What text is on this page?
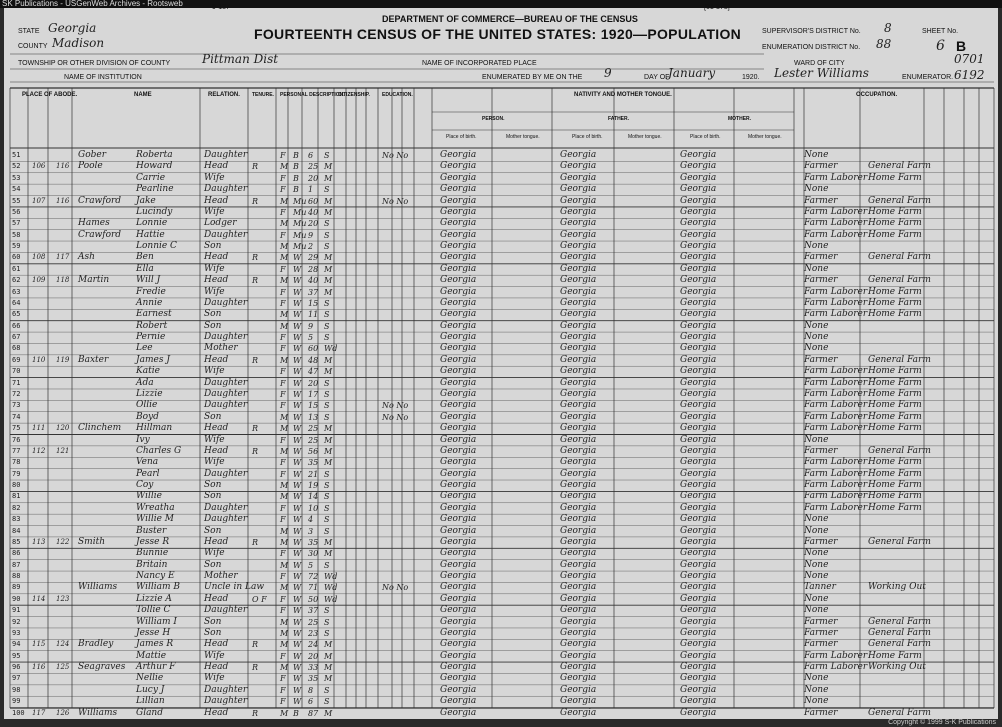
SK Publications - USGenWeb Archives - Rootsweb	9-137	[01-378]
DEPARTMENT OF COMMERCE—BUREAU OF THE CENSUS
FOURTEENTH CENSUS OF THE UNITED STATES: 1920—POPULATION
STATE Georgia
COUNTY Madison
TOWNSHIP OR OTHER DIVISION OF COUNTY	Pittman Dist	NAME OF INCORPORATED PLACE
NAME OF INSTITUTION	ENUMERATED BY ME ON THE 9	DAY OF
January	1920. Lester Williams	ENUMERATOR.
SUPERVISOR'S DISTRICT No. 8
ENUMERATION DISTRICT No. 88
SHEET No.
6 B
WARD OF CITY	0701
6192
PLACE OF ABODE.	NAME	RELATION. TENURE. PERSONAL DESCRIPTION.
CITIZENSHIP. EDUCATION.	NATIVITY AND MOTHER TONGUE.
PERSON.	FATHER.	MOTHER.
Place of birth.	Mother tongue.	Place of birth.	Mother tongue.	Place of birth.	Mother tongue.
OCCUPATION.
51	Gober	Roberta	Daughter	F B 6 S	No No	Georgia	Georgia	Georgia	None
52 106 116 Poole	Howard	Head	R	M B 25 M	Georgia	Georgia	Georgia	Farmer	General Farm
53	Carrie	Wife	F B 20 M	Georgia	Georgia	Georgia	Farm Laborer Home Farm
54	Pearline	Daughter	F B 1 S	Georgia	Georgia	Georgia	None
55 107 116 Crawford Jake	Head	R	M Mu 60 M	No No	Georgia	Georgia	Georgia	Farmer	General Farm
56	Lucindy	Wife	F Mu 40 M	Georgia	Georgia	Georgia	Farm Laborer Home Farm
57	Hames	Lonnie	Lodger	M Mu 20 S	Georgia	Georgia	Georgia	Farm Laborer Home Farm
58	Crawford Hattie	Daughter	F Mu 9 S	Georgia	Georgia	Georgia	Farm Laborer Home Farm
59	Lonnie C	Son	M Mu 2 S	Georgia	Georgia	Georgia	None
60 108 117 Ash	Ben	Head	R	M W 29 M	Georgia	Georgia	Georgia	Farmer	General Farm
61	Ella	Wife	F W 28 M	Georgia	Georgia	Georgia	None
62 109 118 Martin	Will J	Head	R	M W 40 M	Georgia	Georgia	Georgia	Farmer	General Farm
63	Fredie	Wife	F W 37 M	Georgia	Georgia	Georgia	Farm Laborer Home Farm
64	Annie	Daughter	F W 15 S	Georgia	Georgia	Georgia	Farm Laborer Home Farm
65	Earnest	Son	M W 11 S	Georgia	Georgia	Georgia	Farm Laborer Home Farm
66	Robert	Son	M W 9 S	Georgia	Georgia	Georgia	None
67	Pernie	Daughter	F W 5 S	Georgia	Georgia	Georgia	None
68	Lee	Mother	F W 60 Wd	Georgia	Georgia	Georgia	None
69 110 119 Baxter	James J	Head	R	M W 48 M	Georgia	Georgia	Georgia	Farmer	General Farm
70	Katie	Wife	F W 47 M	Georgia	Georgia	Georgia	Farm Laborer Home Farm
71	Ada	Daughter	F W 20 S	Georgia	Georgia	Georgia	Farm Laborer Home Farm
72	Lizzie	Daughter	F W 17 S	Georgia	Georgia	Georgia	Farm Laborer Home Farm
73	Ollie	Daughter	F W 15 S	No No	Georgia	Georgia	Georgia	Farm Laborer Home Farm
74	Boyd	Son	M W 13 S	No No	Georgia	Georgia	Georgia	Farm Laborer Home Farm
75 111 120 Clinchem Hillman	Head	R	M W 25 M	Georgia	Georgia	Georgia	Farm Laborer Home Farm
76	Ivy	Wife	F W 25 M	Georgia	Georgia	Georgia	None
77 112 121	Charles G	Head	R	M W 56 M	Georgia	Georgia	Georgia	Farmer	General Farm
78	Vena	Wife	F W 35 M	Georgia	Georgia	Georgia	Farm Laborer Home Farm
79	Pearl	Daughter	F W 21 S	Georgia	Georgia	Georgia	Farm Laborer Home Farm
80	Coy	Son	M W 19 S	Georgia	Georgia	Georgia	Farm Laborer Home Farm
81	Willie	Son	M W 14 S	Georgia	Georgia	Georgia	Farm Laborer Home Farm
82	Wreatha	Daughter	F W 10 S	Georgia	Georgia	Georgia	Farm Laborer Home Farm
83	Willie M	Daughter	F W 4 S	Georgia	Georgia	Georgia	None
84	Buster	Son	M W 3 S	Georgia	Georgia	Georgia	None
85 113 122 Smith	Jesse R	Head	R	M W 35 M	Georgia	Georgia	Georgia	Farmer	General Farm
86	Bunnie	Wife	F W 30 M	Georgia	Georgia	Georgia	None
87	Britain	Son	M W 5 S	Georgia	Georgia	Georgia	None
88	Nancy E	Mother	F W 72 Wd	Georgia	Georgia	Georgia	None
89	Williams William B	Uncle in Law M W 71 Wd	No No	Georgia	Georgia	Georgia	Tanner	Working Out
90 114 123	Lizzie A	Head	O F F W 50 Wd	Georgia	Georgia	Georgia	None
91	Tollie C	Daughter	F W 37 S	Georgia	Georgia	Georgia	None
92	William I	Son	M W 25 S	Georgia	Georgia	Georgia	Farmer	General Farm
93	Jesse H	Son	M W 23 S	Georgia	Georgia	Georgia	Farmer	General Farm
94 115 124 Bradley	James R	Head	R	M W 24 M	Georgia	Georgia	Georgia	Farmer	General Farm
95	Mattie	Wife	F W 20 M	Georgia	Georgia	Georgia	Farm Laborer Home Farm
96 116 125 Seagraves Arthur F	Head	R	M W 33 M	Georgia	Georgia	Georgia	Farm Laborer Working Out
97	Nellie	Wife	F W 35 M	Georgia	Georgia	Georgia	None
98	Lucy J	Daughter	F W 8 S	Georgia	Georgia	Georgia	None
99	Lillian	Daughter	F W 6 S	Georgia	Georgia	Georgia	None
100 117 126 Williams Gland	Head	R	M B 87 M	Georgia	Georgia	Georgia	Farmer	General Farm
Copyright © 1999 S-K Publications
